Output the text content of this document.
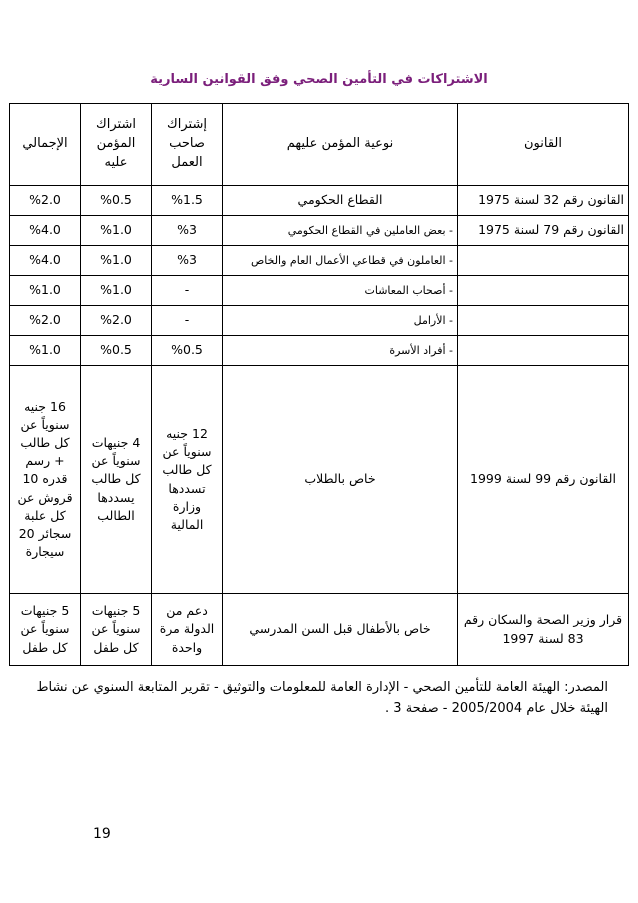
الاشتراكات في التأمين الصحي وفق القوانين السارية
القانون	نوعية المؤمن عليهم	إشتراك صاحب العمل	اشتراك المؤمن عليه	الإجمالي
القانون رقم 32 لسنة 1975	القطاع الحكومي	%1.5	%0.5	%2.0
القانون رقم 79 لسنة 1975	- بعض العاملين في القطاع الحكومي	%3	%1.0	%4.0
	- العاملون في قطاعي الأعمال العام والخاص	%3	%1.0	%4.0
	- أصحاب المعاشات	-	%1.0	%1.0
	- الأرامل	-	%2.0	%2.0
	- أفراد الأسرة	%0.5	%0.5	%1.0
القانون رقم 99 لسنة 1999	خاص بالطلاب	12 جنيه سنوياً عن كل طالب تسددها وزارة المالية	4 جنيهات سنوياً عن كل طالب يسددها الطالب	16 جنيه سنوياً عن كل طالب + رسم قدره 10 قروش عن كل علبة سجائر 20 سيجارة
قرار وزير الصحة والسكان رقم 83 لسنة 1997	خاص بالأطفال قبل السن المدرسي	دعم من الدولة مرة واحدة	5 جنيهات سنوياً عن كل طفل	5 جنيهات سنوياً عن كل طفل
المصدر: الهيئة العامة للتأمين الصحي - الإدارة العامة للمعلومات والتوثيق - تقرير المتابعة السنوي عن نشاط الهيئة خلال عام 2005/2004 - صفحة 3 .
19
